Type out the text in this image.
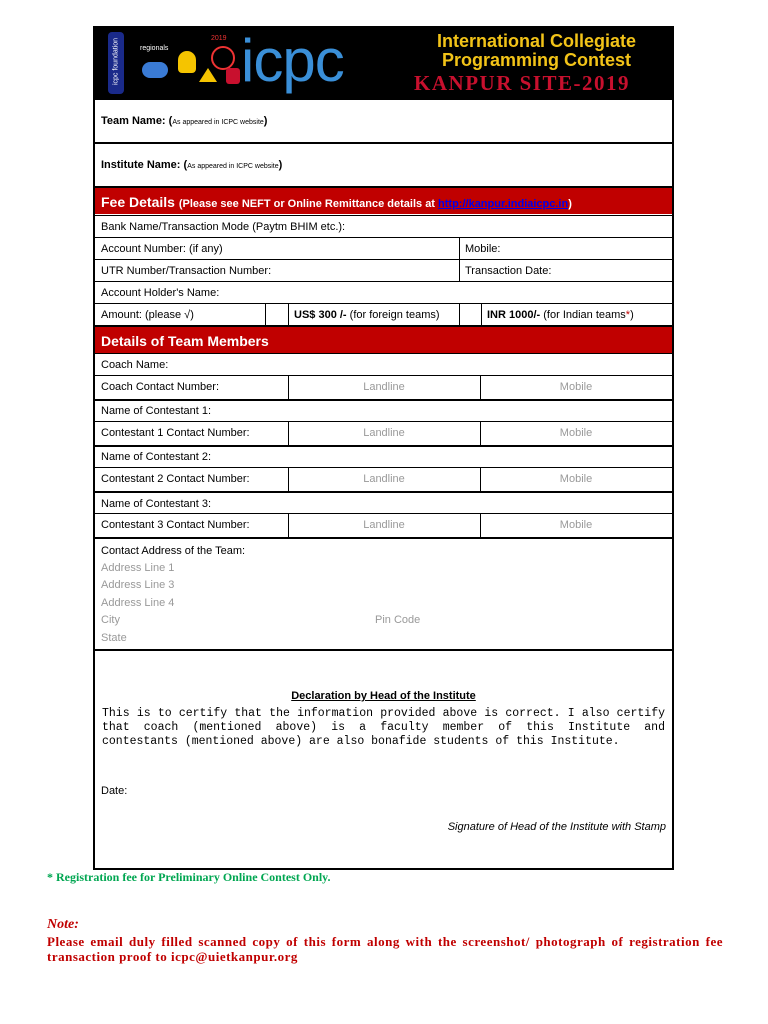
icpc foundation	regionals
2019 icpc	International Collegiate
Programming Contest
KANPUR SITE-2019
Team Name: (As appeared in ICPC website)
Institute Name: (As appeared in ICPC website)
Fee Details (Please see NEFT or Online Remittance details at http://kanpur.indiaicpc.in)
Bank Name/Transaction Mode (Paytm BHIM etc.):
Account Number: (if any)	Mobile:
UTR Number/Transaction Number:	Transaction Date:
Account Holder's Name:
Amount: (please √)	US$ 300 /- (for foreign teams)	INR 1000/- (for Indian teams*)
Details of Team Members
Coach Name:
Coach Contact Number:	Landline	Mobile
Name of Contestant 1:
Contestant 1 Contact Number:	Landline	Mobile
Name of Contestant 2:
Contestant 2 Contact Number:	Landline	Mobile
Name of Contestant 3:
Contestant 3 Contact Number:	Landline	Mobile
Contact Address of the Team:
Address Line 1
Address Line 3
Address Line 4
City	Pin Code
State
Declaration by Head of the Institute
This is to certify that the information provided above is correct. I also certify that coach (mentioned above) is a faculty member of this Institute and contestants (mentioned above) are also bonafide students of this Institute.
Date:
Signature of Head of the Institute with Stamp
* Registration fee for Preliminary Online Contest Only.
Note:
Please email duly filled scanned copy of this form along with the screenshot/ photograph of registration fee transaction proof to icpc@uietkanpur.org
